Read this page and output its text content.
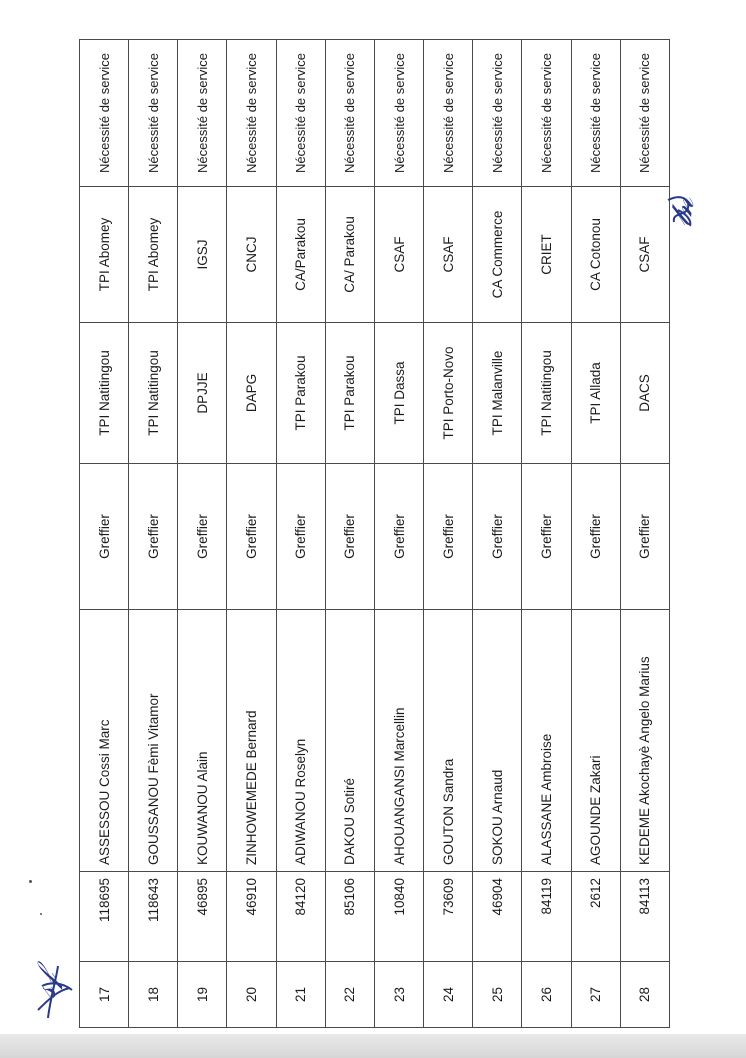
17	118695	ASSESSOU Cossi Marc	Greffier	TPI Natitingou	TPI Abomey	Nécessité de service
18	118643	GOUSSANOU Fèmi Vitamor	Greffier	TPI Natitingou	TPI Abomey	Nécessité de service
19	46895	KOUWANOU Alain	Greffier	DPJJE	IGSJ	Nécessité de service
20	46910	ZINHOWEMEDE Bernard	Greffier	DAPG	CNCJ	Nécessité de service
21	84120	ADIWANOU Roselyn	Greffier	TPI Parakou	CA/Parakou	Nécessité de service
22	85106	DAKOU Sotiré	Greffier	TPI Parakou	CA/ Parakou	Nécessité de service
23	10840	AHOUANGANSI Marcellin	Greffier	TPI Dassa	CSAF	Nécessité de service
24	73609	GOUTON Sandra	Greffier	TPI Porto-Novo	CSAF	Nécessité de service
25	46904	SOKOU Arnaud	Greffier	TPI Malanville	CA Commerce	Nécessité de service
26	84119	ALASSANE Ambroise	Greffier	TPI Natitingou	CRIET	Nécessité de service
27	2612	AGOUNDE Zakari	Greffier	TPI Allada	CA Cotonou	Nécessité de service
28	84113	KEDEME Akochayè Angelo Marius	Greffier	DACS	CSAF	Nécessité de service
𝓁𝓃
𝓈𝒻
